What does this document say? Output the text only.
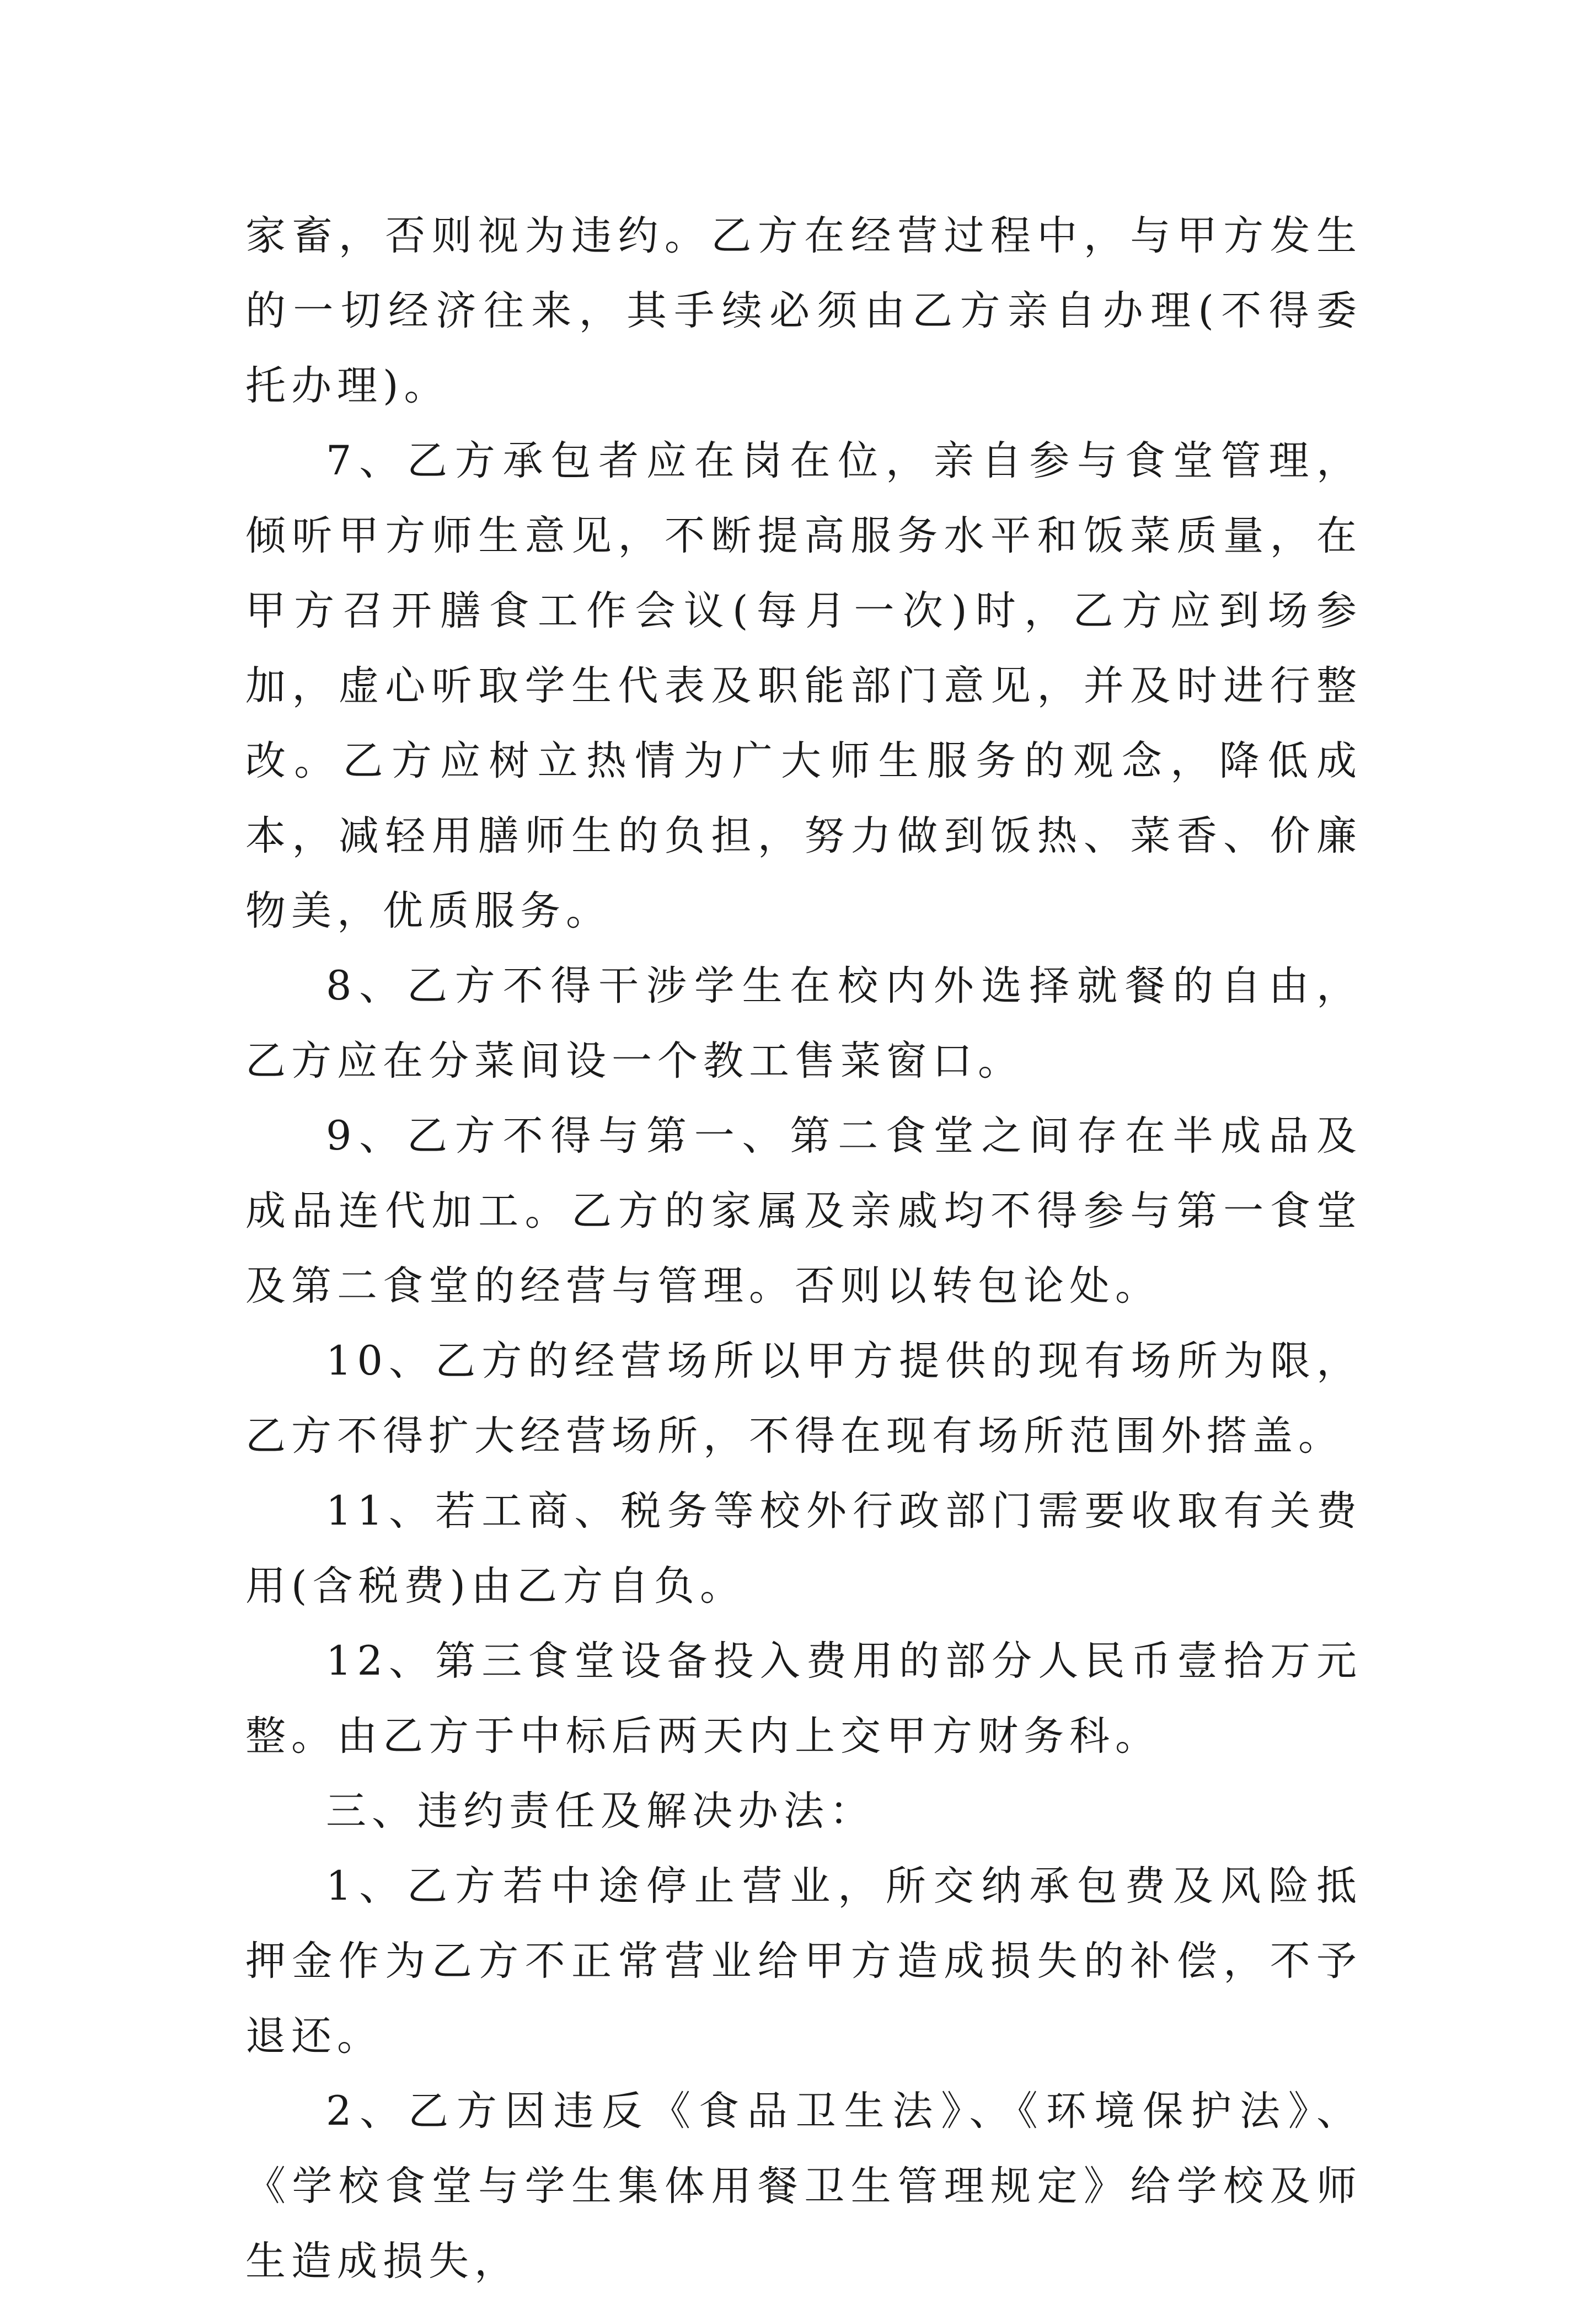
家畜，否则视为违约。乙方在经营过程中，与甲方发生的一切经济往来，其手续必须由乙方亲自办理(不得委托办理)。

7、乙方承包者应在岗在位，亲自参与食堂管理，倾听甲方师生意见，不断提高服务水平和饭菜质量，在甲方召开膳食工作会议(每月一次)时，乙方应到场参加，虚心听取学生代表及职能部门意见，并及时进行整改。乙方应树立热情为广大师生服务的观念，降低成本，减轻用膳师生的负担，努力做到饭热、菜香、价廉物美，优质服务。

8、乙方不得干涉学生在校内外选择就餐的自由，乙方应在分菜间设一个教工售菜窗口。

9、乙方不得与第一、第二食堂之间存在半成品及成品连代加工。乙方的家属及亲戚均不得参与第一食堂及第二食堂的经营与管理。否则以转包论处。

10、乙方的经营场所以甲方提供的现有场所为限，乙方不得扩大经营场所，不得在现有场所范围外搭盖。

11、若工商、税务等校外行政部门需要收取有关费用(含税费)由乙方自负。

12、第三食堂设备投入费用的部分人民币壹拾万元整。由乙方于中标后两天内上交甲方财务科。

三、违约责任及解决办法：

1、乙方若中途停止营业，所交纳承包费及风险抵押金作为乙方不正常营业给甲方造成损失的补偿，不予退还。

2、乙方因违反《食品卫生法》、《环境保护法》、《学校食堂与学生集体用餐卫生管理规定》给学校及师生造成损失，
